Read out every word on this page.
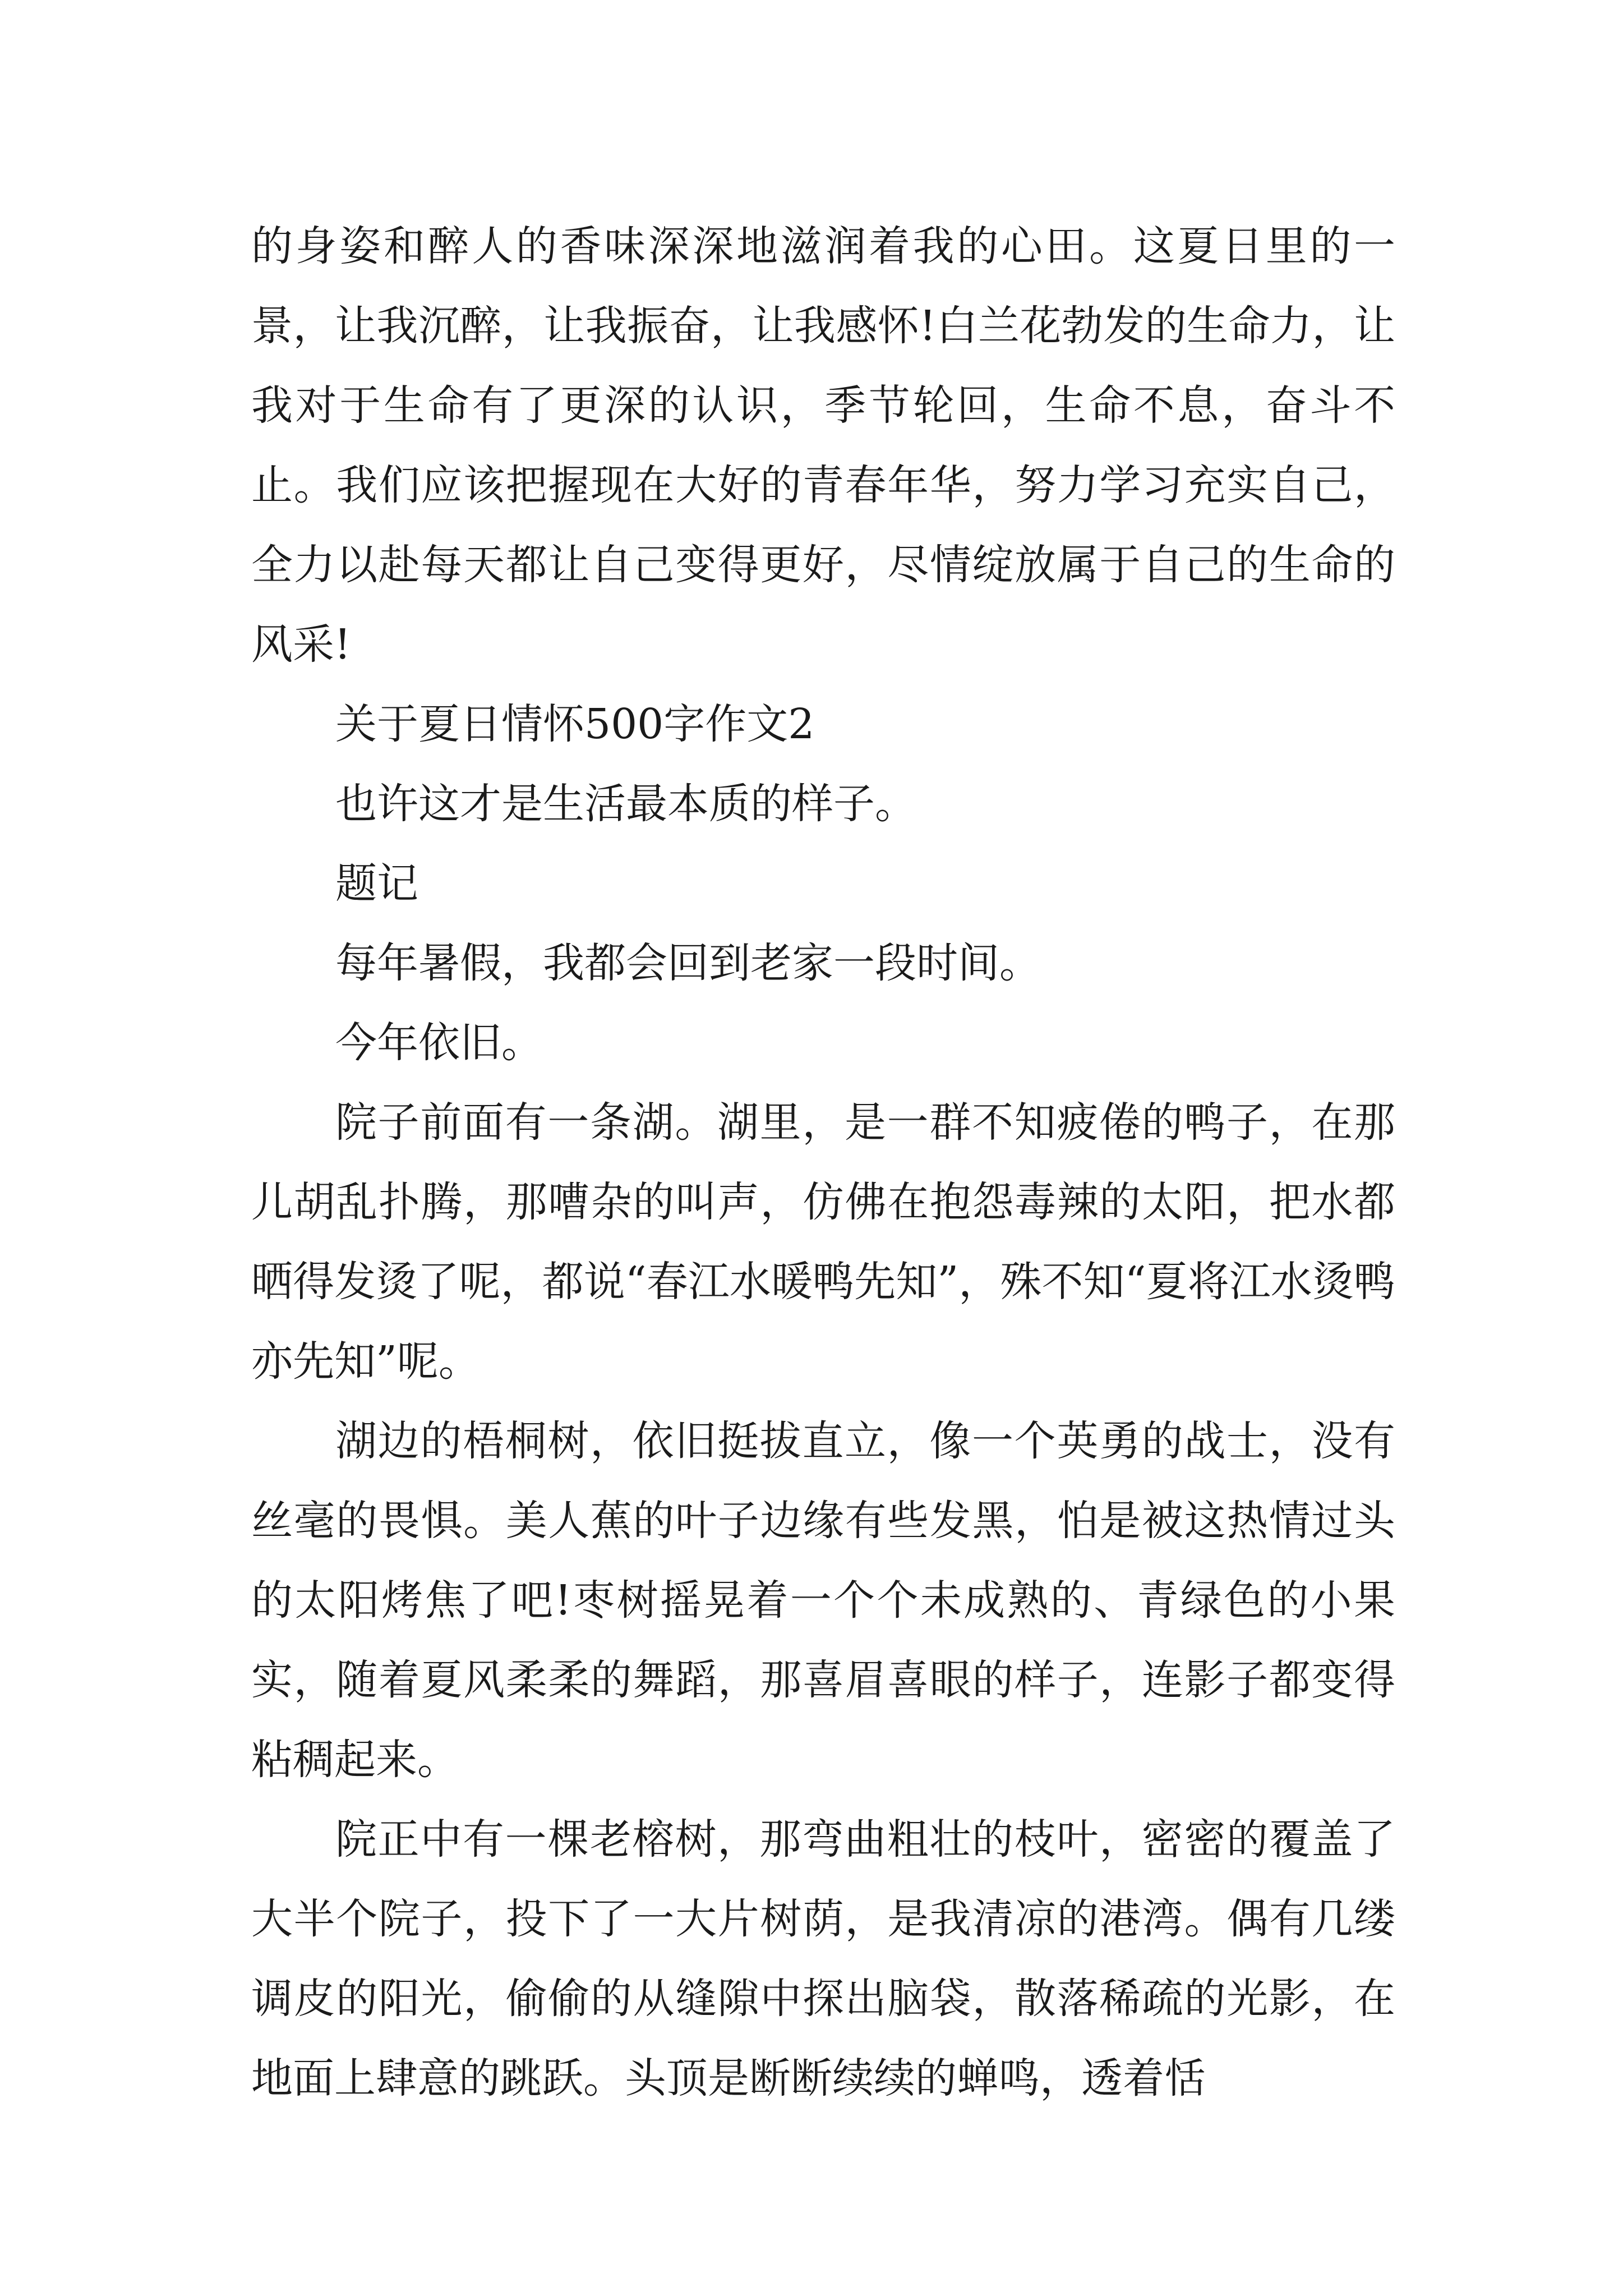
的身姿和醉人的香味深深地滋润着我的心田。这夏日里的一景，让我沉醉，让我振奋，让我感怀!白兰花勃发的生命力，让我对于生命有了更深的认识，季节轮回，生命不息，奋斗不止。我们应该把握现在大好的青春年华，努力学习充实自己，全力以赴每天都让自己变得更好，尽情绽放属于自己的生命的风采!

关于夏日情怀500字作文2

也许这才是生活最本质的样子。

题记

每年暑假，我都会回到老家一段时间。

今年依旧。

院子前面有一条湖。湖里，是一群不知疲倦的鸭子，在那儿胡乱扑腾，那嘈杂的叫声，仿佛在抱怨毒辣的太阳，把水都晒得发烫了呢，都说“春江水暖鸭先知”，殊不知“夏将江水烫鸭亦先知”呢。

湖边的梧桐树，依旧挺拔直立，像一个英勇的战士，没有丝毫的畏惧。美人蕉的叶子边缘有些发黑，怕是被这热情过头的太阳烤焦了吧!枣树摇晃着一个个未成熟的、青绿色的小果实，随着夏风柔柔的舞蹈，那喜眉喜眼的样子，连影子都变得粘稠起来。

院正中有一棵老榕树，那弯曲粗壮的枝叶，密密的覆盖了大半个院子，投下了一大片树荫，是我清凉的港湾。偶有几缕调皮的阳光，偷偷的从缝隙中探出脑袋，散落稀疏的光影，在地面上肆意的跳跃。头顶是断断续续的蝉鸣，透着恬
